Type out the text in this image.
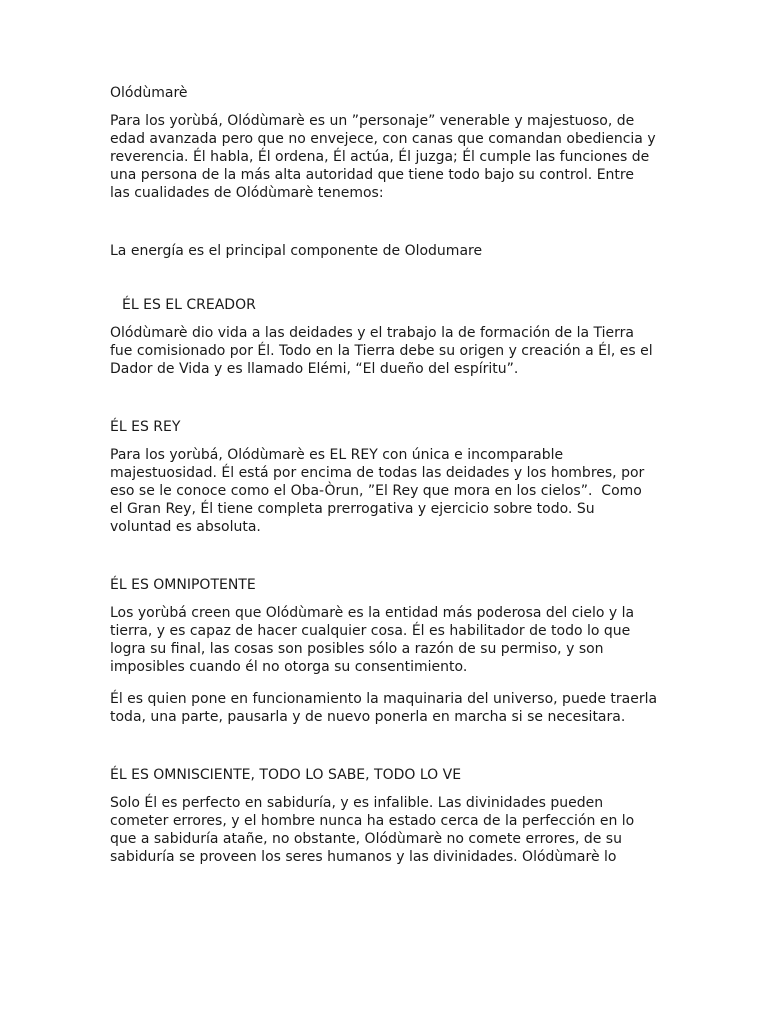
Olódùmarè

Para los yorùbá, Olódùmarè es un ”personaje” venerable y majestuoso, de edad avanzada pero que no envejece, con canas que comandan obediencia y reverencia. Él habla, Él ordena, Él actúa, Él juzga; Él cumple las funciones de una persona de la más alta autoridad que tiene todo bajo su control. Entre las cualidades de Olódùmarè tenemos:

La energía es el principal componente de Olodumare

ÉL ES EL CREADOR

Olódùmarè dio vida a las deidades y el trabajo la de formación de la Tierra fue comisionado por Él. Todo en la Tierra debe su origen y creación a Él, es el Dador de Vida y es llamado Elémi, “El dueño del espíritu”.

ÉL ES REY

Para los yorùbá, Olódùmarè es EL REY con única e incomparable majestuosidad. Él está por encima de todas las deidades y los hombres, por eso se le conoce como el Oba-Òrun, ”El Rey que mora en los cielos”.  Como el Gran Rey, Él tiene completa prerrogativa y ejercicio sobre todo. Su voluntad es absoluta.

ÉL ES OMNIPOTENTE

Los yorùbá creen que Olódùmarè es la entidad más poderosa del cielo y la tierra, y es capaz de hacer cualquier cosa. Él es habilitador de todo lo que logra su final, las cosas son posibles sólo a razón de su permiso, y son imposibles cuando él no otorga su consentimiento.

Él es quien pone en funcionamiento la maquinaria del universo, puede traerla toda, una parte, pausarla y de nuevo ponerla en marcha si se necesitara.

ÉL ES OMNISCIENTE, TODO LO SABE, TODO LO VE

Solo Él es perfecto en sabiduría, y es infalible. Las divinidades pueden cometer errores, y el hombre nunca ha estado cerca de la perfección en lo que a sabiduría atañe, no obstante, Olódùmarè no comete errores, de su sabiduría se proveen los seres humanos y las divinidades. Olódùmarè lo
